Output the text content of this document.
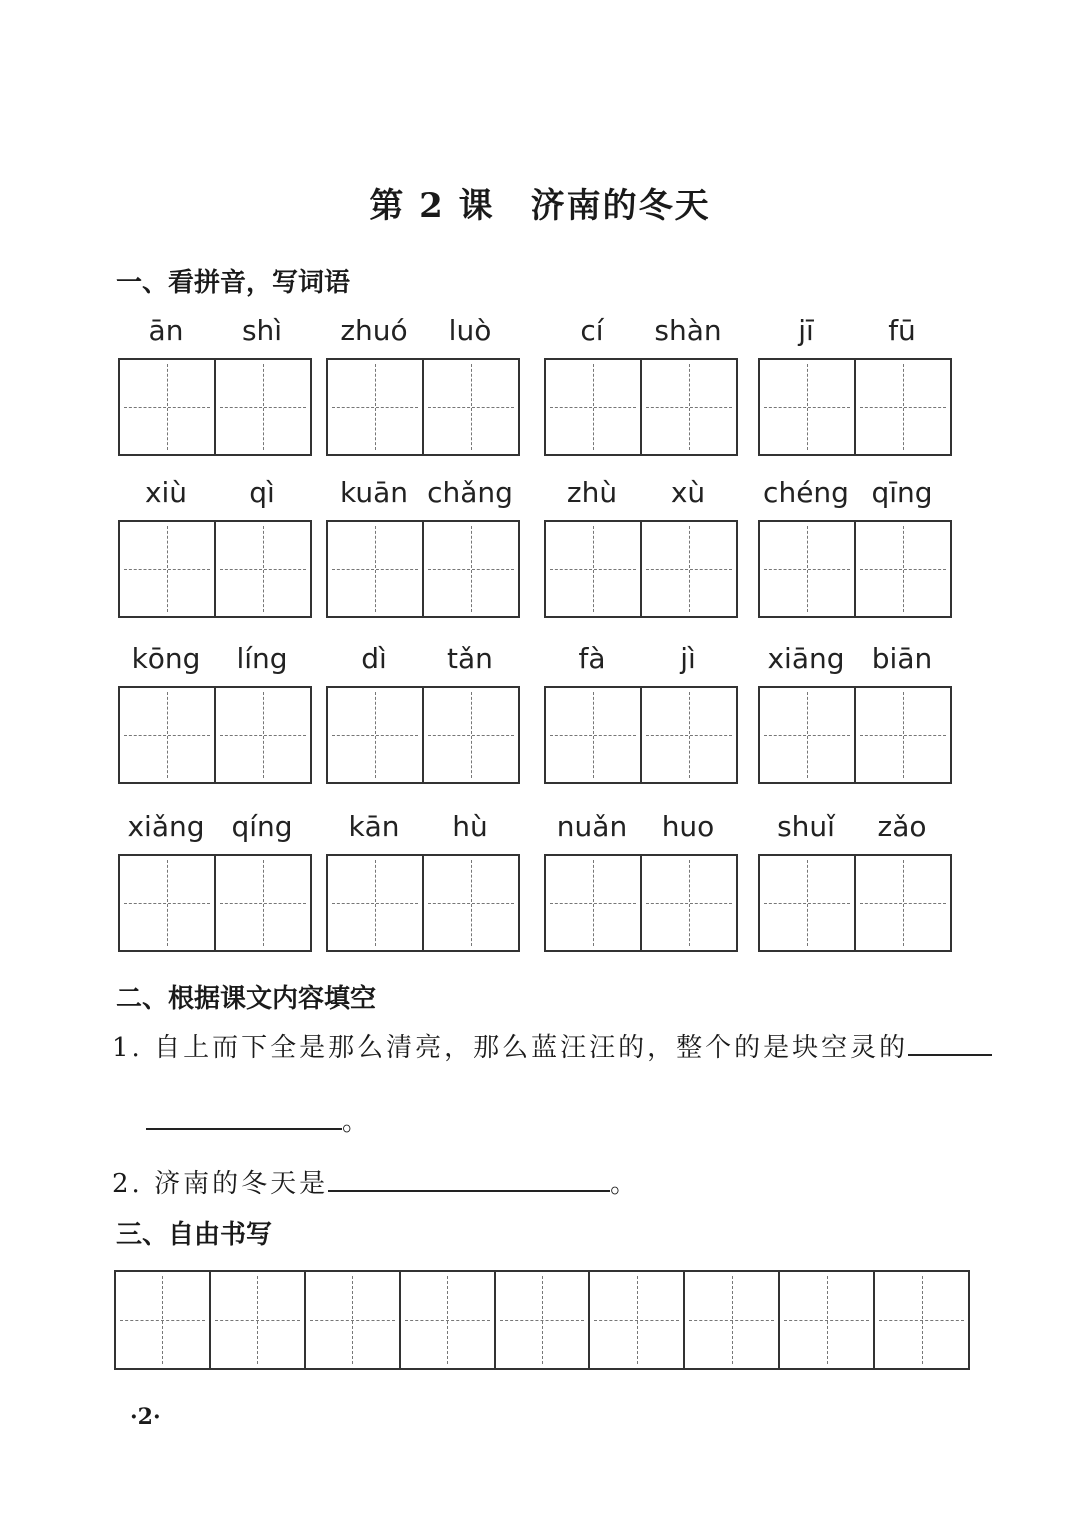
第 2 课 济南的冬天
一、看拼音，写词语
ān	shì	zhuó	luò	cí	shàn	jī	fū
xiù	qì	kuān chǎng	zhù	xù	chéng qīng
kōng	líng	dì	tǎn	fà	jì	xiāng biān
xiǎng qíng	kān	hù	nuǎn	huo	shuǐ	zǎo
二、根据课文内容填空
1. 自上而下全是那么清亮，那么蓝汪汪的，整个的是块空灵的
。
2. 济南的冬天是	。
三、自由书写
·2·
